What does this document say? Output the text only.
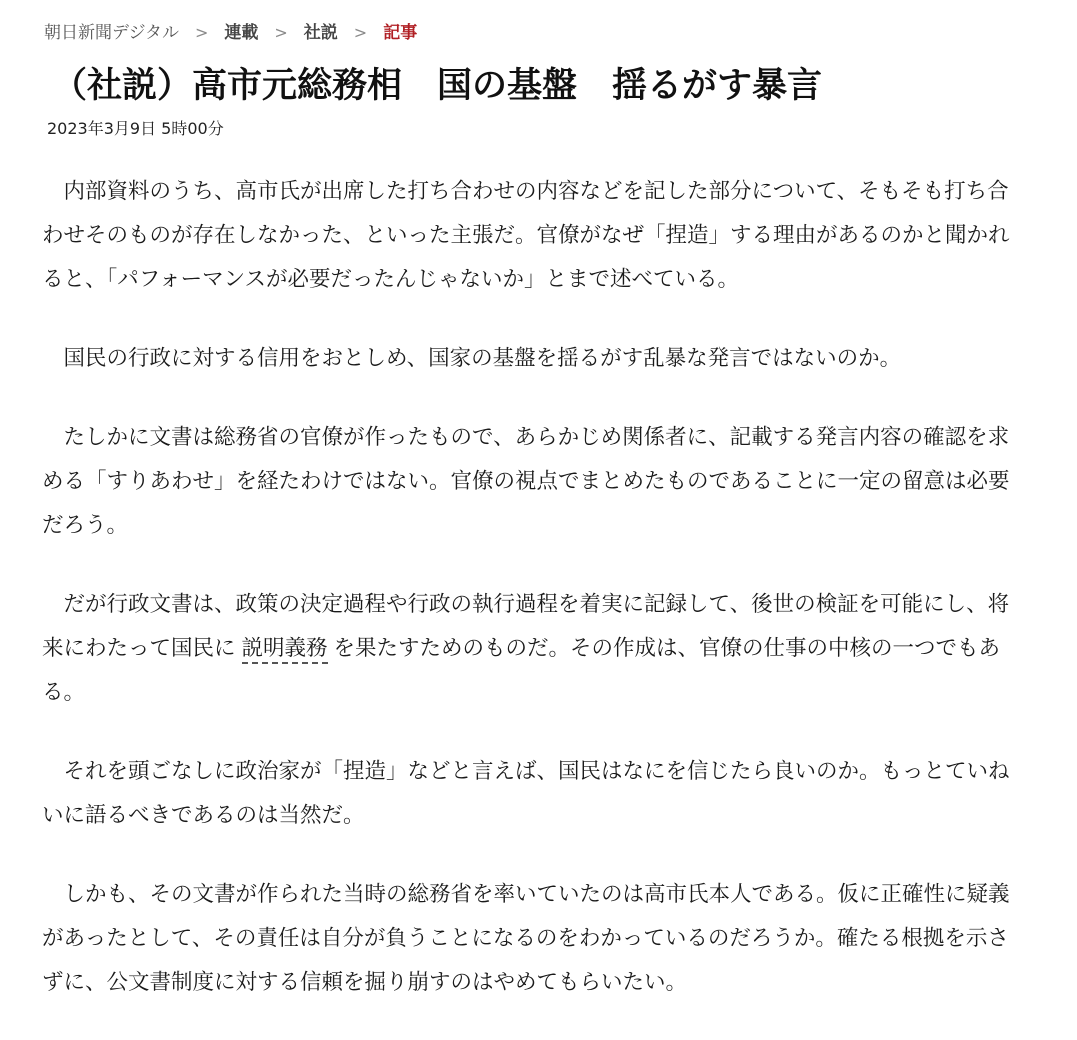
朝日新聞デジタル > 連載 > 社説 > 記事
（社説）高市元総務相　国の基盤　揺るがす暴言
2023年3月9日 5時00分

内部資料のうち、高市氏が出席した打ち合わせの内容などを記した部分について、そもそも打ち合わせそのものが存在しなかった、といった主張だ。官僚がなぜ「捏造」する理由があるのかと聞かれると、「パフォーマンスが必要だったんじゃないか」とまで述べている。

国民の行政に対する信用をおとしめ、国家の基盤を揺るがす乱暴な発言ではないのか。

たしかに文書は総務省の官僚が作ったもので、あらかじめ関係者に、記載する発言内容の確認を求める「すりあわせ」を経たわけではない。官僚の視点でまとめたものであることに一定の留意は必要だろう。

だが行政文書は、政策の決定過程や行政の執行過程を着実に記録して、後世の検証を可能にし、将来にわたって国民に 説明義務 を果たすためのものだ。その作成は、官僚の仕事の中核の一つでもある。

それを頭ごなしに政治家が「捏造」などと言えば、国民はなにを信じたら良いのか。もっとていねいに語るべきであるのは当然だ。

しかも、その文書が作られた当時の総務省を率いていたのは高市氏本人である。仮に正確性に疑義があったとして、その責任は自分が負うことになるのをわかっているのだろうか。確たる根拠を示さずに、公文書制度に対する信頼を掘り崩すのはやめてもらいたい。
